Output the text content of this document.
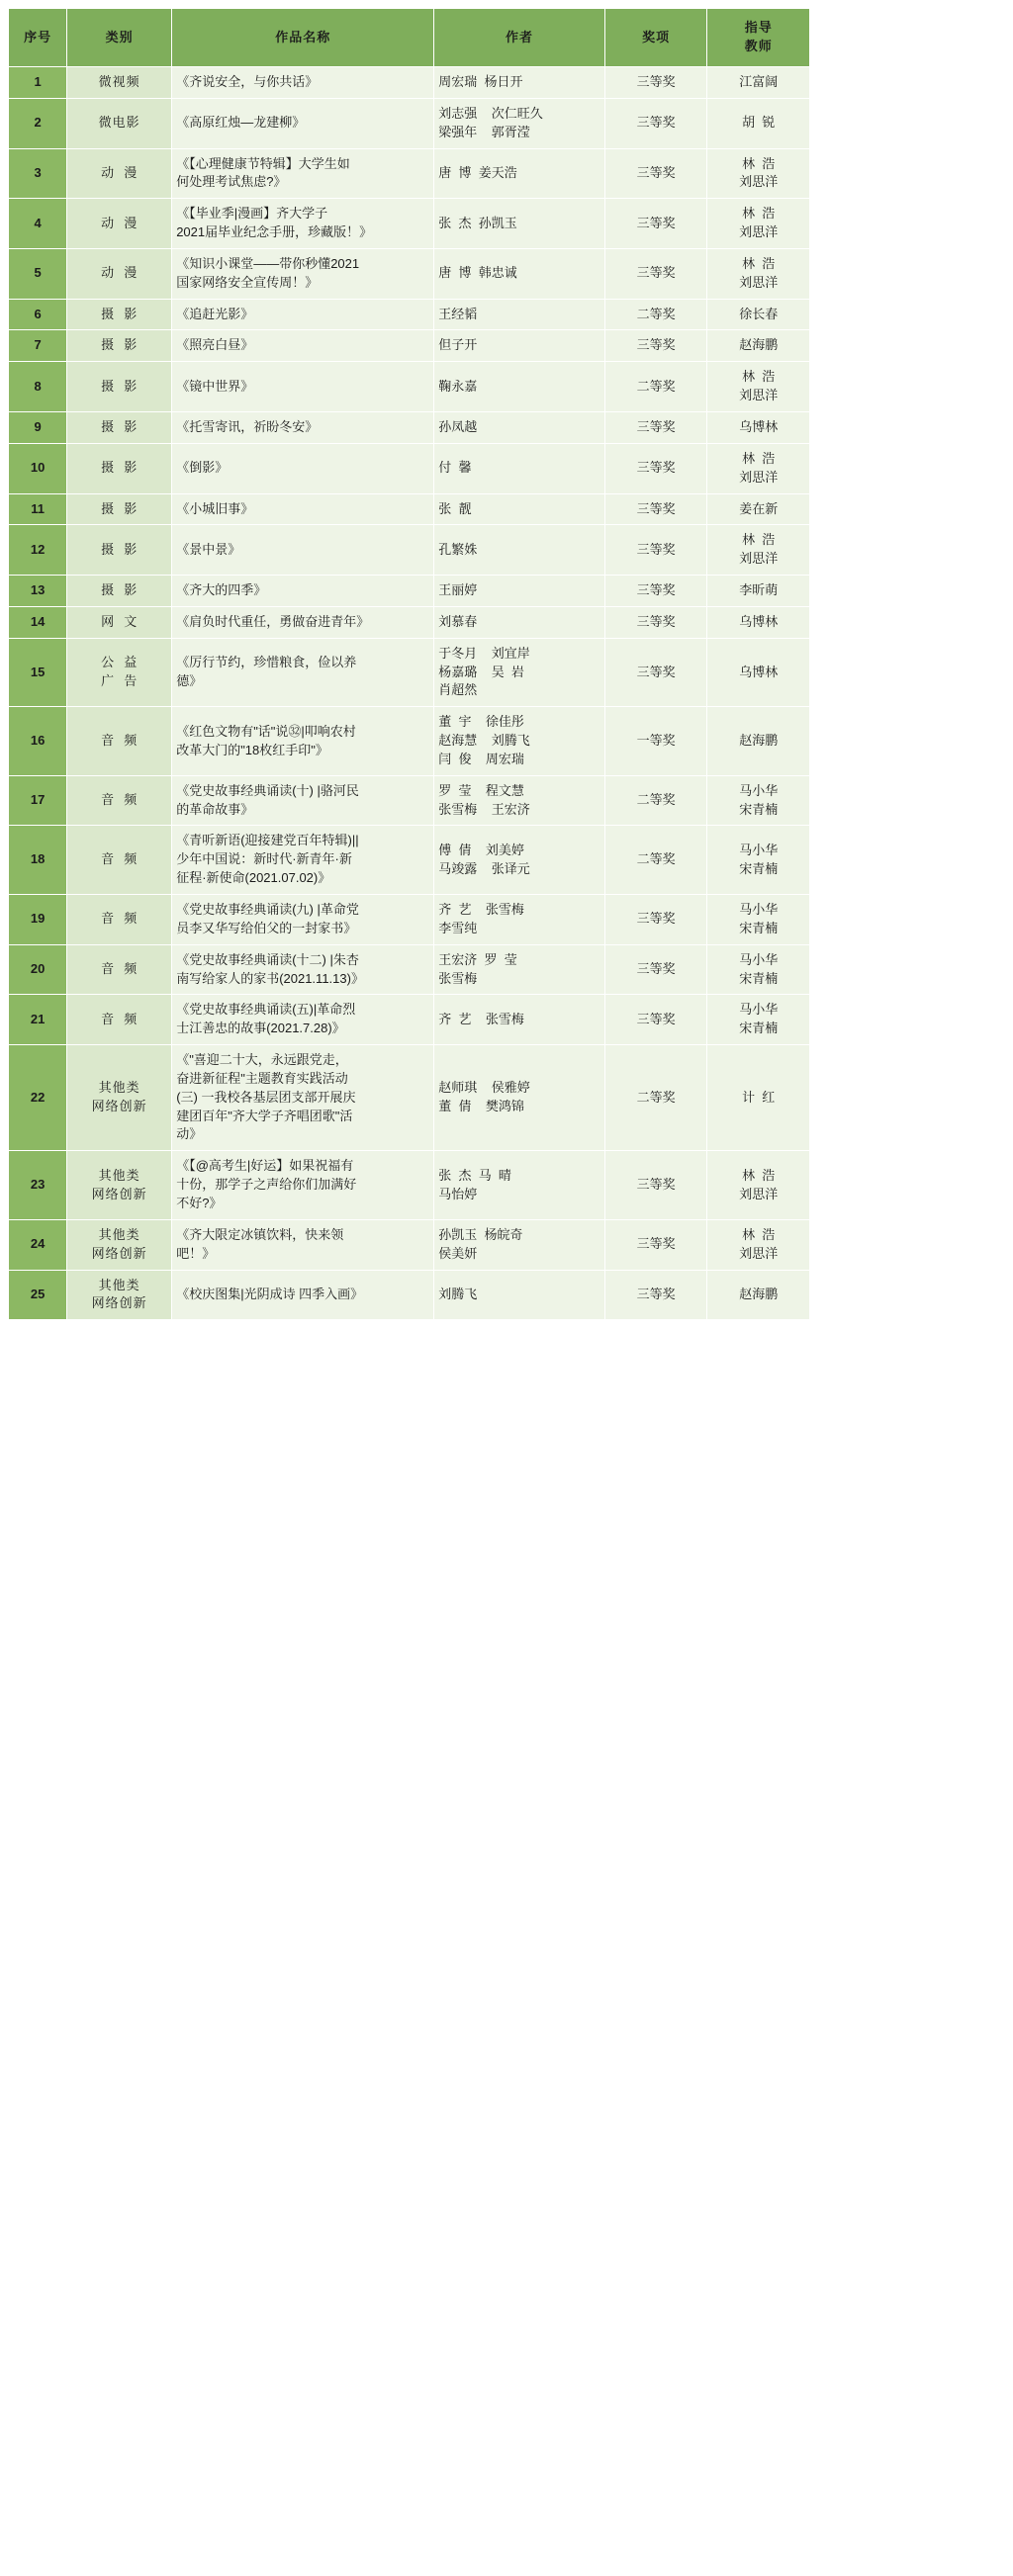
序号	类别	作品名称	作者	奖项	指导
教师

1	微视频	《齐说安全，与你共话》	周宏瑞  杨日开	三等奖	江富阔

2	微电影	《高原红烛—龙建柳》	刘志强    次仁旺久
梁强年    郭胥滢	三等奖	胡  锐

3	动  漫	《【心理健康节特辑】大学生如
何处理考试焦虑?》	唐  博  姜天浩	三等奖	林  浩
刘思洋

4	动  漫	《【毕业季|漫画】齐大学子
2021届毕业纪念手册，珍藏版！》	张  杰  孙凯玉	三等奖	林  浩
刘思洋

5	动  漫	《知识小课堂——带你秒懂2021
国家网络安全宣传周！》	唐  博  韩忠诚	三等奖	林  浩
刘思洋

6	摄  影	《追赶光影》	王经韬	二等奖	徐长春

7	摄  影	《照亮白昼》	但子开	三等奖	赵海鹏

8	摄  影	《镜中世界》	鞠永嘉	二等奖	林  浩
刘思洋

9	摄  影	《托雪寄讯，祈盼冬安》	孙凤越	三等奖	乌博林

10	摄  影	《倒影》	付  馨	三等奖	林  浩
刘思洋

11	摄  影	《小城旧事》	张  靓	三等奖	姜在新

12	摄  影	《景中景》	孔繁姝	三等奖	林  浩
刘思洋

13	摄  影	《齐大的四季》	王丽婷	三等奖	李昕萌

14	网  文	《肩负时代重任，勇做奋进青年》	刘慕春	三等奖	乌博林

15	公  益
广  告	《厉行节约，珍惜粮食，俭以养
德》	于冬月    刘宜岸
杨嘉璐    吴  岩
肖超然	三等奖	乌博林

16	音  频	《红色文物有"话"说㉜|叩响农村
改革大门的"18枚红手印"》	董  宇    徐佳彤
赵海慧    刘腾飞
闫  俊    周宏瑞	一等奖	赵海鹏

17	音  频	《党史故事经典诵读(十) |骆河民
的革命故事》	罗  莹    程文慧
张雪梅    王宏济	二等奖	马小华
宋青楠

18	音  频	《青听新语(迎接建党百年特辑)||
少年中国说：新时代·新青年·新
征程·新使命(2021.07.02)》	傅  倩    刘美婷
马竣露    张译元	二等奖	马小华
宋青楠

19	音  频	《党史故事经典诵读(九) |革命党
员李又华写给伯父的一封家书》	齐  艺    张雪梅
李雪纯	三等奖	马小华
宋青楠

20	音  频	《党史故事经典诵读(十二) |朱杏
南写给家人的家书(2021.11.13)》	王宏济  罗  莹
张雪梅	三等奖	马小华
宋青楠

21	音  频	《党史故事经典诵读(五)|革命烈
士江善忠的故事(2021.7.28)》	齐  艺    张雪梅	三等奖	马小华
宋青楠

22	其他类
网络创新	《"喜迎二十大，永远跟党走，
奋进新征程"主题教育实践活动
(三) 一我校各基层团支部开展庆
建团百年"齐大学子齐唱团歌"活
动》	赵师琪    侯雅婷
董  倩    樊鸿锦	二等奖	计  红

23	其他类
网络创新	《【@高考生|好运】如果祝福有
十份，那学子之声给你们加满好
不好?》	张  杰  马  晴
马怡婷	三等奖	林  浩
刘思洋

24	其他类
网络创新	《齐大限定冰镇饮料，快来领
吧！》	孙凯玉  杨皖奇
侯美妍	三等奖	林  浩
刘思洋

25	其他类
网络创新	《校庆图集|光阴成诗 四季入画》	刘腾飞	三等奖	赵海鹏
